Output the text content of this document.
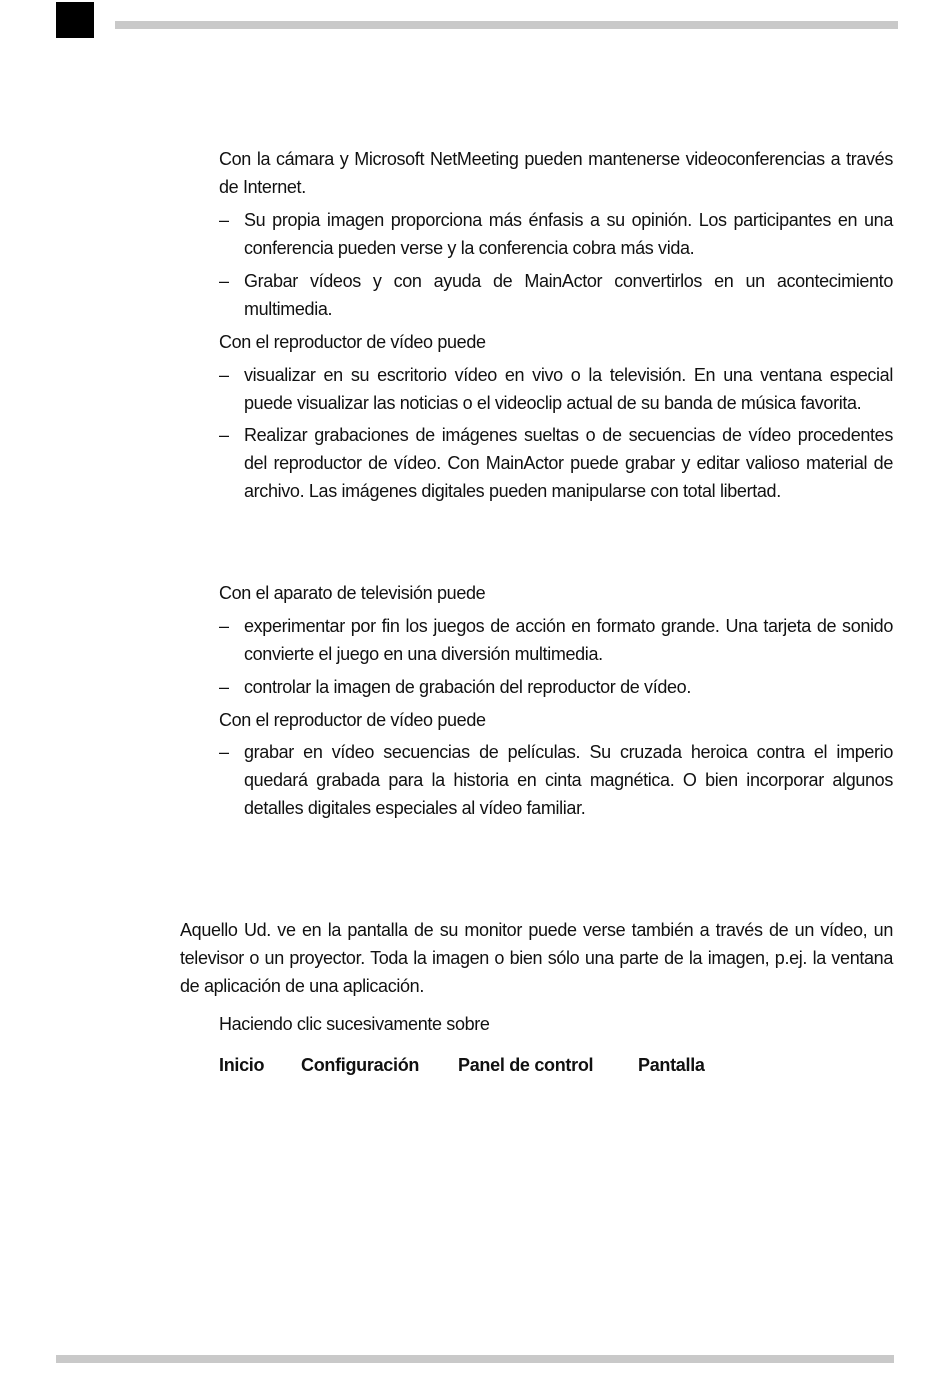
Con la cámara y Microsoft NetMeeting pueden mantenerse videoconferencias a través de Internet.

– Su propia imagen proporciona más énfasis a su opinión. Los participantes en una conferencia pueden verse y la conferencia cobra más vida.
– Grabar vídeos y con ayuda de MainActor convertirlos en un acontecimiento multimedia.

Con el reproductor de vídeo puede

– visualizar en su escritorio vídeo en vivo o la televisión. En una ventana especial puede visualizar las noticias o el videoclip actual de su banda de música favorita.
– Realizar grabaciones de imágenes sueltas o de secuencias de vídeo procedentes del reproductor de vídeo. Con MainActor puede grabar y editar valioso material de archivo. Las imágenes digitales pueden manipularse con total libertad.

Con el aparato de televisión puede

– experimentar por fin los juegos de acción en formato grande. Una tarjeta de sonido convierte el juego en una diversión multimedia.
– controlar la imagen de grabación del reproductor de vídeo.

Con el reproductor de vídeo puede

– grabar en vídeo secuencias de películas. Su cruzada heroica contra el imperio quedará grabada para la historia en cinta magnética. O bien incorporar algunos detalles digitales especiales al vídeo familiar.

Aquello Ud. ve en la pantalla de su monitor puede verse también a través de un vídeo, un televisor o un proyector. Toda la imagen o bien sólo una parte de la imagen, p.ej. la ventana de aplicación de una aplicación.

Haciendo clic sucesivamente sobre

Inicio Configuración Panel de control Pantalla
